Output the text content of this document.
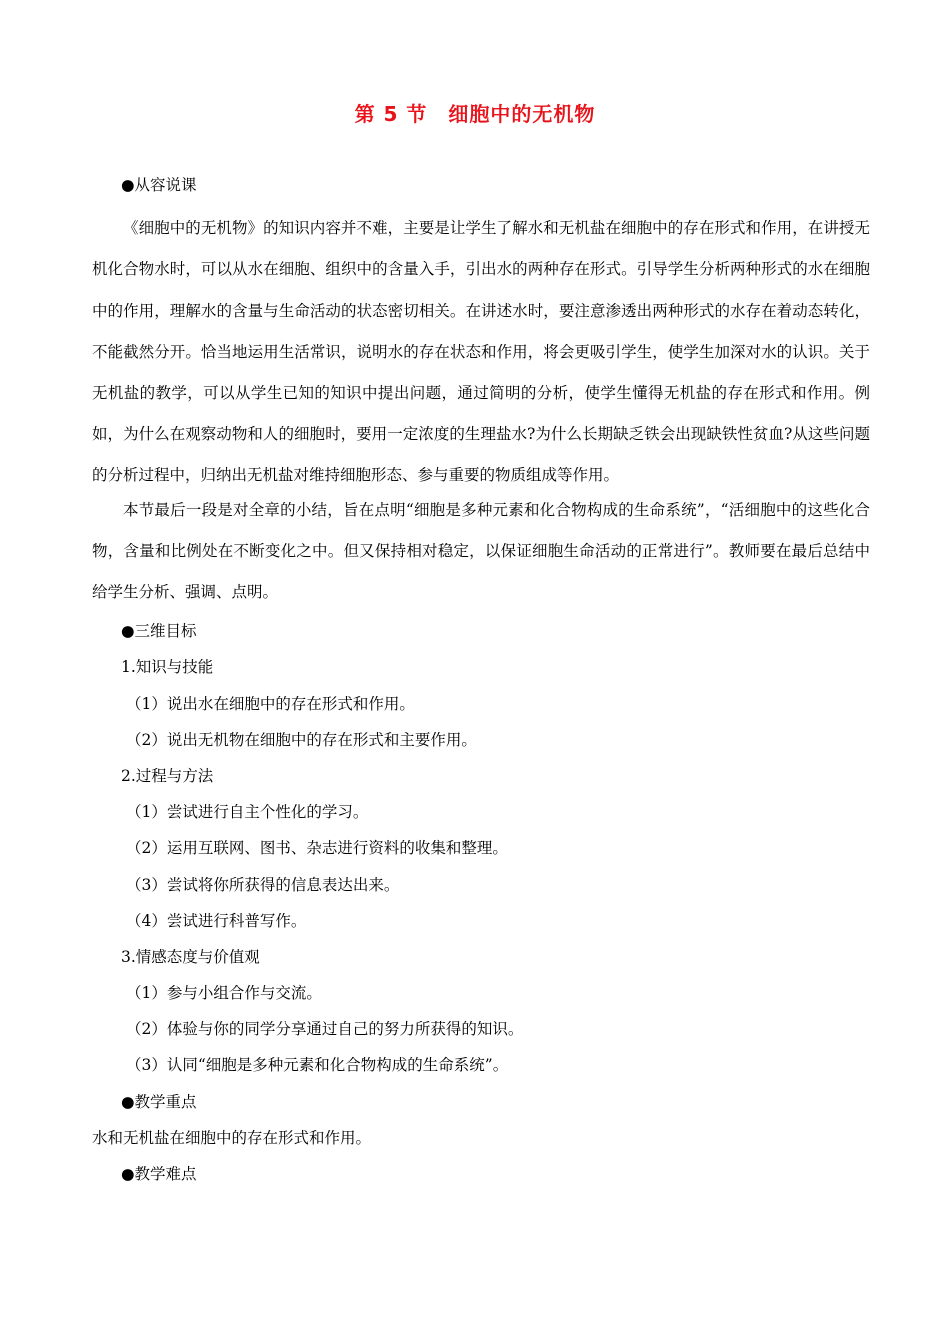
第 5 节　细胞中的无机物
●从容说课
《细胞中的无机物》的知识内容并不难，主要是让学生了解水和无机盐在细胞中的存在形式和作用，在讲授无机化合物水时，可以从水在细胞、组织中的含量入手，引出水的两种存在形式。引导学生分析两种形式的水在细胞中的作用，理解水的含量与生命活动的状态密切相关。在讲述水时，要注意渗透出两种形式的水存在着动态转化，不能截然分开。恰当地运用生活常识，说明水的存在状态和作用，将会更吸引学生，使学生加深对水的认识。关于无机盐的教学，可以从学生已知的知识中提出问题，通过简明的分析，使学生懂得无机盐的存在形式和作用。例如，为什么在观察动物和人的细胞时，要用一定浓度的生理盐水?为什么长期缺乏铁会出现缺铁性贫血?从这些问题的分析过程中，归纳出无机盐对维持细胞形态、参与重要的物质组成等作用。
本节最后一段是对全章的小结，旨在点明“细胞是多种元素和化合物构成的生命系统”，“活细胞中的这些化合物，含量和比例处在不断变化之中。但又保持相对稳定，以保证细胞生命活动的正常进行”。教师要在最后总结中给学生分析、强调、点明。
●三维目标
1.知识与技能
（1）说出水在细胞中的存在形式和作用。
（2）说出无机物在细胞中的存在形式和主要作用。
2.过程与方法
（1）尝试进行自主个性化的学习。
（2）运用互联网、图书、杂志进行资料的收集和整理。
（3）尝试将你所获得的信息表达出来。
（4）尝试进行科普写作。
3.情感态度与价值观
（1）参与小组合作与交流。
（2）体验与你的同学分享通过自己的努力所获得的知识。
（3）认同“细胞是多种元素和化合物构成的生命系统”。
●教学重点
水和无机盐在细胞中的存在形式和作用。
●教学难点
